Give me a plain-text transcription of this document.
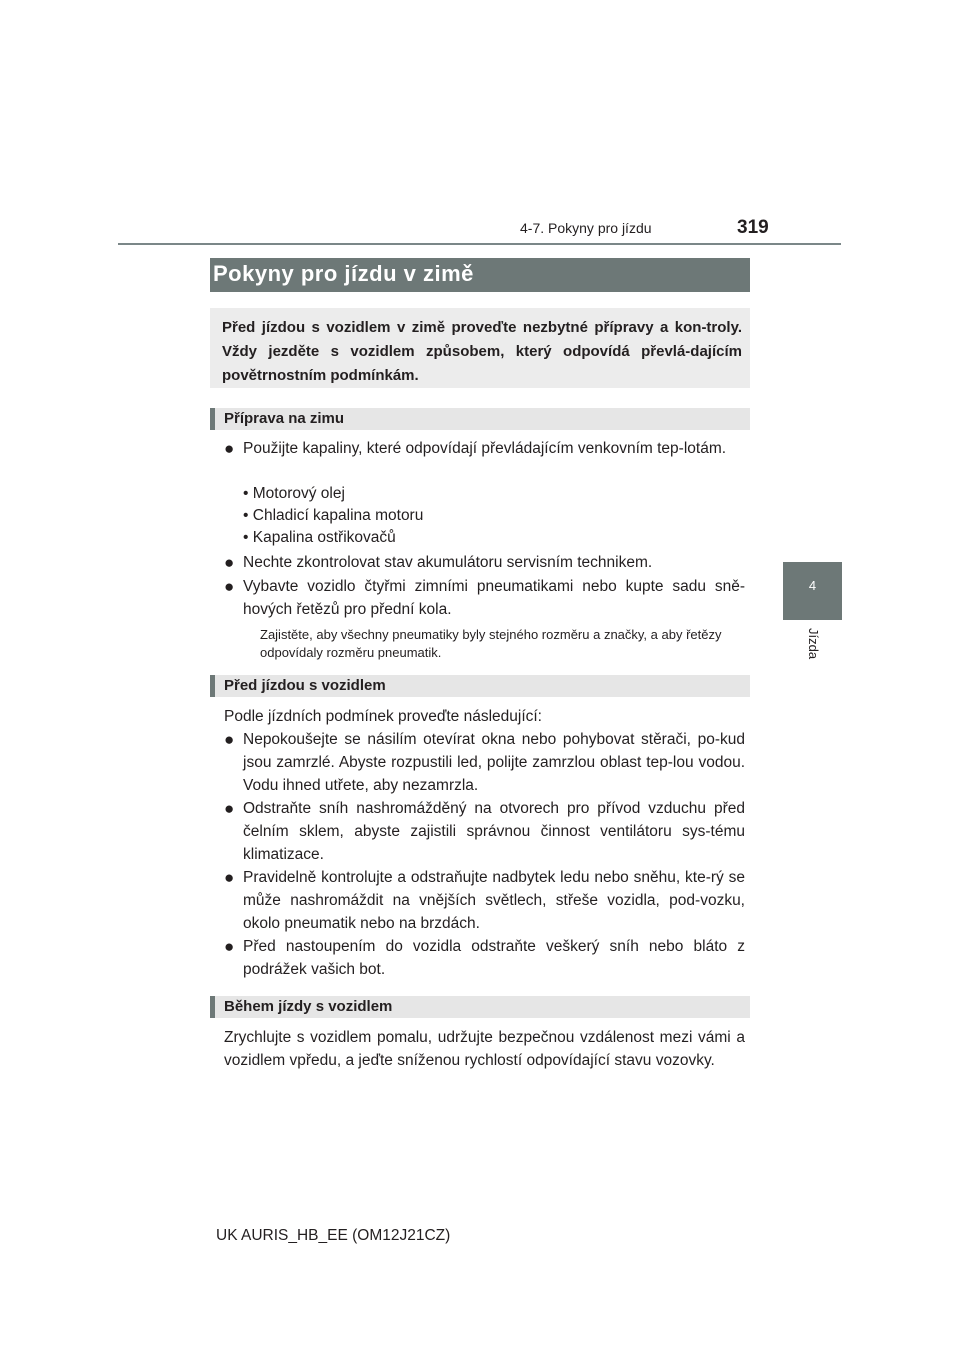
4-7. Pokyny pro jízdu	319
4
Jízda
Pokyny pro jízdu v zimě
Před jízdou s vozidlem v zimě proveďte nezbytné přípravy a kon-troly. Vždy jezděte s vozidlem způsobem, který odpovídá převlá-dajícím povětrnostním podmínkám.
Příprava na zimu
● Použijte kapaliny, které odpovídají převládajícím venkovním tep-lotám.
• Motorový olej
• Chladicí kapalina motoru
• Kapalina ostřikovačů
● Nechte zkontrolovat stav akumulátoru servisním technikem.
● Vybavte vozidlo čtyřmi zimními pneumatikami nebo kupte sadu sně-hových řetězů pro přední kola.
Zajistěte, aby všechny pneumatiky byly stejného rozměru a značky, a aby řetězy odpovídaly rozměru pneumatik.
Před jízdou s vozidlem
Podle jízdních podmínek proveďte následující:
● Nepokoušejte se násilím otevírat okna nebo pohybovat stěrači, po-kud jsou zamrzlé. Abyste rozpustili led, polijte zamrzlou oblast tep-lou vodou. Vodu ihned utřete, aby nezamrzla.
● Odstraňte sníh nashromážděný na otvorech pro přívod vzduchu před čelním sklem, abyste zajistili správnou činnost ventilátoru sys-tému klimatizace.
● Pravidelně kontrolujte a odstraňujte nadbytek ledu nebo sněhu, kte-rý se může nashromáždit na vnějších světlech, střeše vozidla, pod-vozku, okolo pneumatik nebo na brzdách.
● Před nastoupením do vozidla odstraňte veškerý sníh nebo bláto z podrážek vašich bot.
Během jízdy s vozidlem
Zrychlujte s vozidlem pomalu, udržujte bezpečnou vzdálenost mezi vámi a vozidlem vpředu, a jeďte sníženou rychlostí odpovídající stavu vozovky.
UK AURIS_HB_EE (OM12J21CZ)
